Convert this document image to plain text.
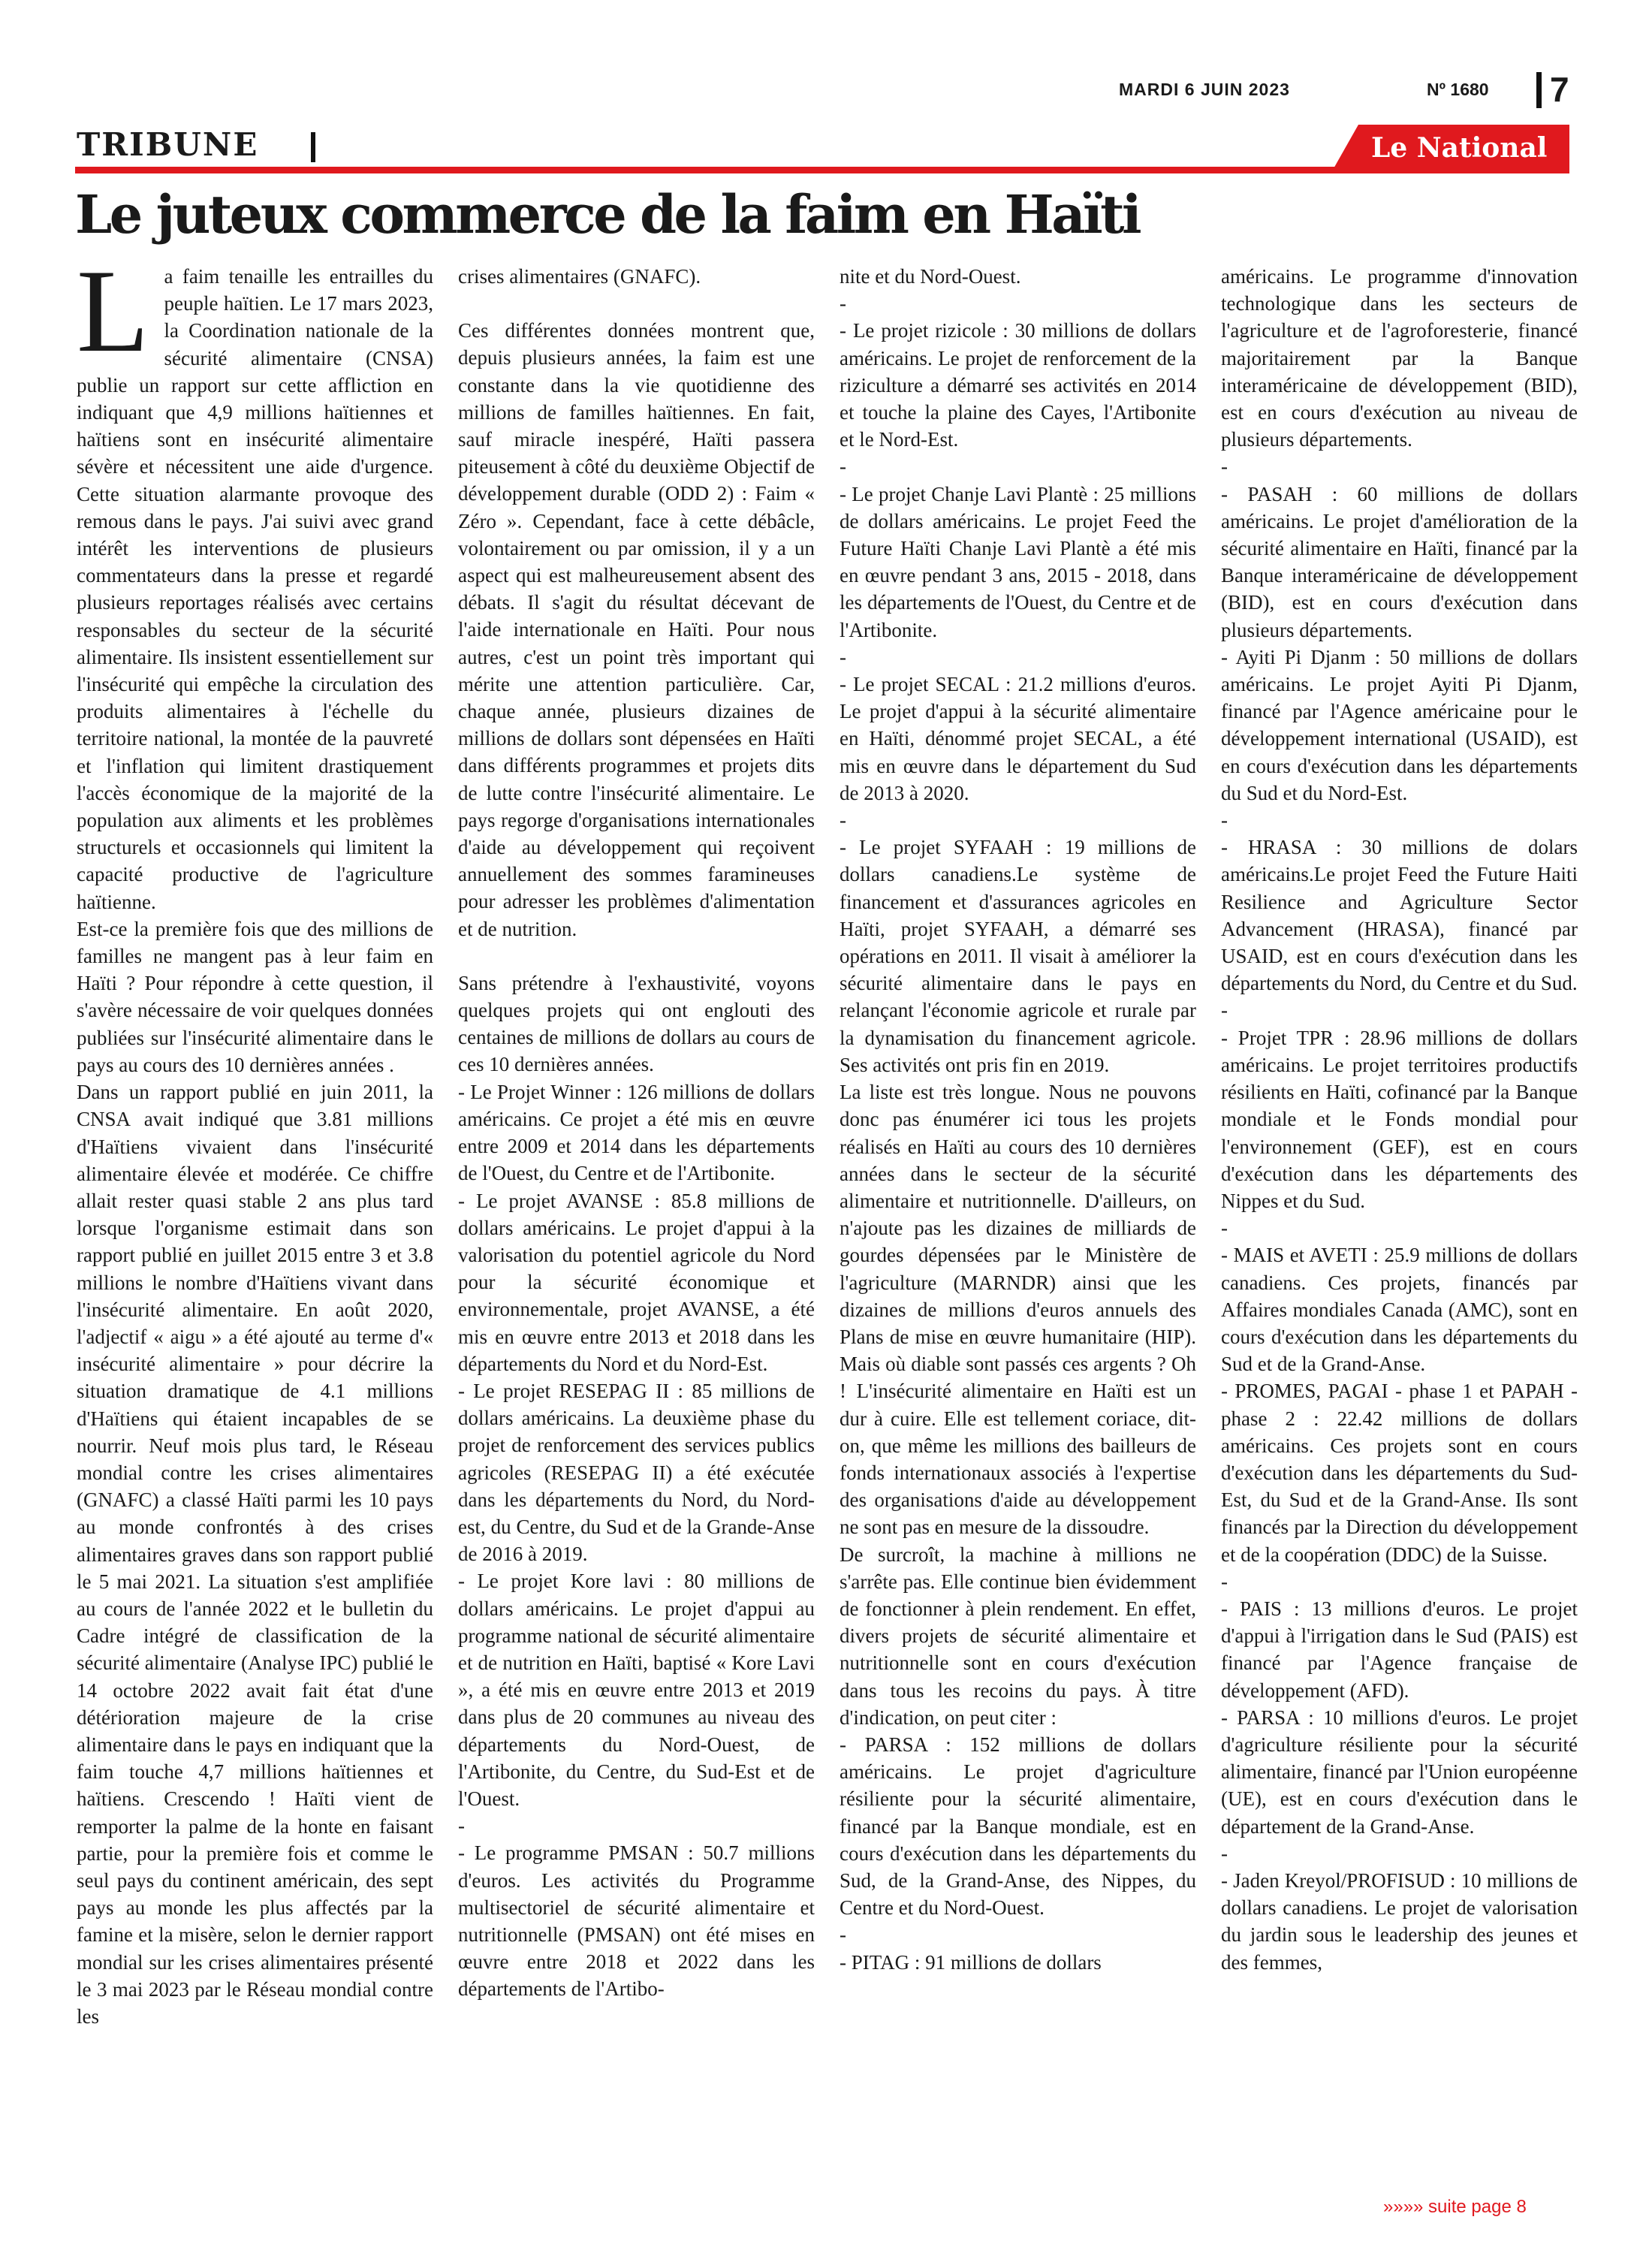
MARDI 6 JUIN 2023	Nº 1680 7
TRIBUNE	Le National
Le juteux commerce de la faim en Haïti
L a faim tenaille les entrailles du peuple haïtien. Le 17 mars 2023, la Coordination nationale de la sécurité alimentaire (CNSA) publie un rapport sur cette affliction en indiquant que 4,9 millions haïtiennes et haïtiens sont en insécurité alimentaire sévère et nécessitent une aide d'urgence. Cette situation alarmante provoque des remous dans le pays. J'ai suivi avec grand intérêt les interventions de plusieurs commentateurs dans la presse et regardé plusieurs reportages réalisés avec certains responsables du secteur de la sécurité alimentaire. Ils insistent essentiellement sur l'insécurité qui empêche la circulation des produits alimentaires à l'échelle du territoire national, la montée de la pauvreté et l'inflation qui limitent drastiquement l'accès économique de la majorité de la population aux aliments et les problèmes structurels et occasionnels qui limitent la capacité productive de l'agriculture haïtienne.

Est-ce la première fois que des millions de familles ne mangent pas à leur faim en Haïti ? Pour répondre à cette question, il s'avère nécessaire de voir quelques données publiées sur l'insécurité alimentaire dans le pays au cours des 10 dernières années .

Dans un rapport publié en juin 2011, la CNSA avait indiqué que 3.81 millions d'Haïtiens vivaient dans l'insécurité alimentaire élevée et modérée. Ce chiffre allait rester quasi stable 2 ans plus tard lorsque l'organisme estimait dans son rapport publié en juillet 2015 entre 3 et 3.8 millions le nombre d'Haïtiens vivant dans l'insécurité alimentaire. En août 2020, l'adjectif « aigu » a été ajouté au terme d'« insécurité alimentaire » pour décrire la situation dramatique de 4.1 millions d'Haïtiens qui étaient incapables de se nourrir. Neuf mois plus tard, le Réseau mondial contre les crises alimentaires (GNAFC) a classé Haïti parmi les 10 pays au monde confrontés à des crises alimentaires graves dans son rapport publié le 5 mai 2021. La situation s'est amplifiée au cours de l'année 2022 et le bulletin du Cadre intégré de classification de la sécurité alimentaire (Analyse IPC) publié le 14 octobre 2022 avait fait état d'une détérioration majeure de la crise alimentaire dans le pays en indiquant que la faim touche 4,7 millions haïtiennes et haïtiens. Crescendo ! Haïti vient de remporter la palme de la honte en faisant partie, pour la première fois et comme le seul pays du continent américain, des sept pays au monde les plus affectés par la famine et la misère, selon le dernier rapport mondial sur les crises alimentaires présenté le 3 mai 2023 par le Réseau mondial contre les

crises alimentaires (GNAFC).

Ces différentes données montrent que, depuis plusieurs années, la faim est une constante dans la vie quotidienne des millions de familles haïtiennes. En fait, sauf miracle inespéré, Haïti passera piteusement à côté du deuxième Objectif de développement durable (ODD 2) : Faim « Zéro ». Cependant, face à cette débâcle, volontairement ou par omission, il y a un aspect qui est malheureusement absent des débats. Il s'agit du résultat décevant de l'aide internationale en Haïti. Pour nous autres, c'est un point très important qui mérite une attention particulière. Car, chaque année, plusieurs dizaines de millions de dollars sont dépensées en Haïti dans différents programmes et projets dits de lutte contre l'insécurité alimentaire. Le pays regorge d'organisations internationales d'aide au développement qui reçoivent annuellement des sommes faramineuses pour adresser les problèmes d'alimentation et de nutrition.

Sans prétendre à l'exhaustivité, voyons quelques projets qui ont englouti des centaines de millions de dollars au cours de ces 10 dernières années.

- Le Projet Winner : 126 millions de dollars américains. Ce projet a été mis en œuvre entre 2009 et 2014 dans les départements de l'Ouest, du Centre et de l'Artibonite.

- Le projet AVANSE : 85.8 millions de dollars américains. Le projet d'appui à la valorisation du potentiel agricole du Nord pour la sécurité économique et environnementale, projet AVANSE, a été mis en œuvre entre 2013 et 2018 dans les départements du Nord et du Nord-Est.

- Le projet RESEPAG II : 85 millions de dollars américains. La deuxième phase du projet de renforcement des services publics agricoles (RESEPAG II) a été exécutée dans les départements du Nord, du Nord-est, du Centre, du Sud et de la Grande-Anse de 2016 à 2019.

- Le projet Kore lavi : 80 millions de dollars américains. Le projet d'appui au programme national de sécurité alimentaire et de nutrition en Haïti, baptisé « Kore Lavi », a été mis en œuvre entre 2013 et 2019 dans plus de 20 communes au niveau des départements du Nord-Ouest, de l'Artibonite, du Centre, du Sud-Est et de l'Ouest.

-

- Le programme PMSAN : 50.7 millions d'euros. Les activités du Programme multisectoriel de sécurité alimentaire et nutritionnelle (PMSAN) ont été mises en œuvre entre 2018 et 2022 dans les départements de l'Artibo-

nite et du Nord-Ouest.

-

- Le projet rizicole : 30 millions de dollars américains. Le projet de renforcement de la riziculture a démarré ses activités en 2014 et touche la plaine des Cayes, l'Artibonite et le Nord-Est.

-

- Le projet Chanje Lavi Plantè : 25 millions de dollars américains. Le projet Feed the Future Haïti Chanje Lavi Plantè a été mis en œuvre pendant 3 ans, 2015 - 2018, dans les départements de l'Ouest, du Centre et de l'Artibonite.

-

- Le projet SECAL : 21.2 millions d'euros. Le projet d'appui à la sécurité alimentaire en Haïti, dénommé projet SECAL, a été mis en œuvre dans le département du Sud de 2013 à 2020.

-

- Le projet SYFAAH : 19 millions de dollars canadiens.Le système de financement et d'assurances agricoles en Haïti, projet SYFAAH, a démarré ses opérations en 2011. Il visait à améliorer la sécurité alimentaire dans le pays en relançant l'économie agricole et rurale par la dynamisation du financement agricole. Ses activités ont pris fin en 2019.

La liste est très longue. Nous ne pouvons donc pas énumérer ici tous les projets réalisés en Haïti au cours des 10 dernières années dans le secteur de la sécurité alimentaire et nutritionnelle. D'ailleurs, on n'ajoute pas les dizaines de milliards de gourdes dépensées par le Ministère de l'agriculture (MARNDR) ainsi que les dizaines de millions d'euros annuels des Plans de mise en œuvre humanitaire (HIP). Mais où diable sont passés ces argents ? Oh ! L'insécurité alimentaire en Haïti est un dur à cuire. Elle est tellement coriace, dit-on, que même les millions des bailleurs de fonds internationaux associés à l'expertise des organisations d'aide au développement ne sont pas en mesure de la dissoudre.

De surcroît, la machine à millions ne s'arrête pas. Elle continue bien évidemment de fonctionner à plein rendement. En effet, divers projets de sécurité alimentaire et nutritionnelle sont en cours d'exécution dans tous les recoins du pays. À titre d'indication, on peut citer :

- PARSA : 152 millions de dollars américains. Le projet d'agriculture résiliente pour la sécurité alimentaire, financé par la Banque mondiale, est en cours d'exécution dans les départements du Sud, de la Grand-Anse, des Nippes, du Centre et du Nord-Ouest.

-

- PITAG : 91 millions de dollars

américains. Le programme d'innovation technologique dans les secteurs de l'agriculture et de l'agroforesterie, financé majoritairement par la Banque interaméricaine de développement (BID), est en cours d'exécution au niveau de plusieurs départements.

-

- PASAH : 60 millions de dollars américains. Le projet d'amélioration de la sécurité alimentaire en Haïti, financé par la Banque interaméricaine de développement (BID), est en cours d'exécution dans plusieurs départements.

- Ayiti Pi Djanm : 50 millions de dollars américains. Le projet Ayiti Pi Djanm, financé par l'Agence américaine pour le développement international (USAID), est en cours d'exécution dans les départements du Sud et du Nord-Est.

-

- HRASA : 30 millions de dolars américains.Le projet Feed the Future Haiti Resilience and Agriculture Sector Advancement (HRASA), financé par USAID, est en cours d'exécution dans les départements du Nord, du Centre et du Sud.

-

- Projet TPR : 28.96 millions de dollars américains. Le projet territoires productifs résilients en Haïti, cofinancé par la Banque mondiale et le Fonds mondial pour l'environnement (GEF), est en cours d'exécution dans les départements des Nippes et du Sud.

-

- MAIS et AVETI : 25.9 millions de dollars canadiens. Ces projets, financés par Affaires mondiales Canada (AMC), sont en cours d'exécution dans les départements du Sud et de la Grand-Anse.

- PROMES, PAGAI - phase 1 et PAPAH - phase 2 : 22.42 millions de dollars américains. Ces projets sont en cours d'exécution dans les départements du Sud-Est, du Sud et de la Grand-Anse. Ils sont financés par la Direction du développement et de la coopération (DDC) de la Suisse.

-

- PAIS : 13 millions d'euros. Le projet d'appui à l'irrigation dans le Sud (PAIS) est financé par l'Agence française de développement (AFD).

- PARSA : 10 millions d'euros. Le projet d'agriculture résiliente pour la sécurité alimentaire, financé par l'Union européenne (UE), est en cours d'exécution dans le département de la Grand-Anse.

-

- Jaden Kreyol/PROFISUD : 10 millions de dollars canadiens. Le projet de valorisation du jardin sous le leadership des jeunes et des femmes,

»»»» suite page 8
